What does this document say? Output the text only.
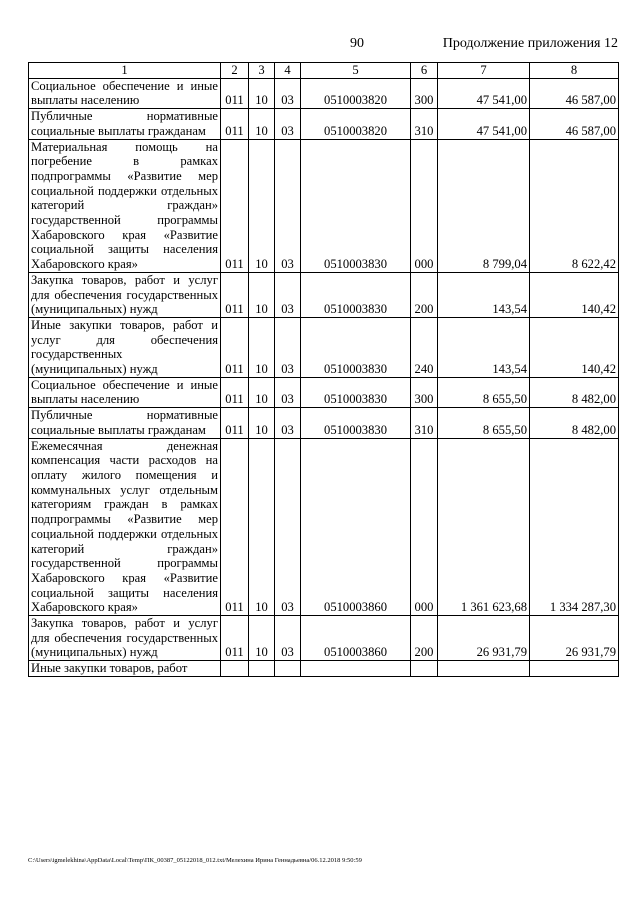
90	Продолжение приложения 12
1	2	3	4	5	6	7	8
Социальное обеспечение и иные выплаты населению	011	10	03	0510003820	300	47 541,00	46 587,00
Публичные нормативные социальные выплаты гражданам	011	10	03	0510003820	310	47 541,00	46 587,00
Материальная помощь на погребение в рамках подпрограммы «Развитие мер социальной поддержки отдельных категорий граждан» государственной программы Хабаровского края «Развитие социальной защиты населения Хабаровского края»	011	10	03	0510003830	000	8 799,04	8 622,42
Закупка товаров, работ и услуг для обеспечения государственных (муниципальных) нужд	011	10	03	0510003830	200	143,54	140,42
Иные закупки товаров, работ и услуг для обеспечения государственных (муниципальных) нужд	011	10	03	0510003830	240	143,54	140,42
Социальное обеспечение и иные выплаты населению	011	10	03	0510003830	300	8 655,50	8 482,00
Публичные нормативные социальные выплаты гражданам	011	10	03	0510003830	310	8 655,50	8 482,00
Ежемесячная денежная компенсация части расходов на оплату жилого помещения и коммунальных услуг отдельным категориям граждан в рамках подпрограммы «Развитие мер социальной поддержки отдельных категорий граждан» государственной программы Хабаровского края «Развитие социальной защиты населения Хабаровского края»	011	10	03	0510003860	000	1 361 623,68	1 334 287,30
Закупка товаров, работ и услуг для обеспечения государственных (муниципальных) нужд	011	10	03	0510003860	200	26 931,79	26 931,79
Иные закупки товаров, работ							
C:\Users\igmelekhina\AppData\Local\Temp\ПК_00387_05122018_012.txt/Мелехина Ирина Геннадьевна/06.12.2018 9:50:59
